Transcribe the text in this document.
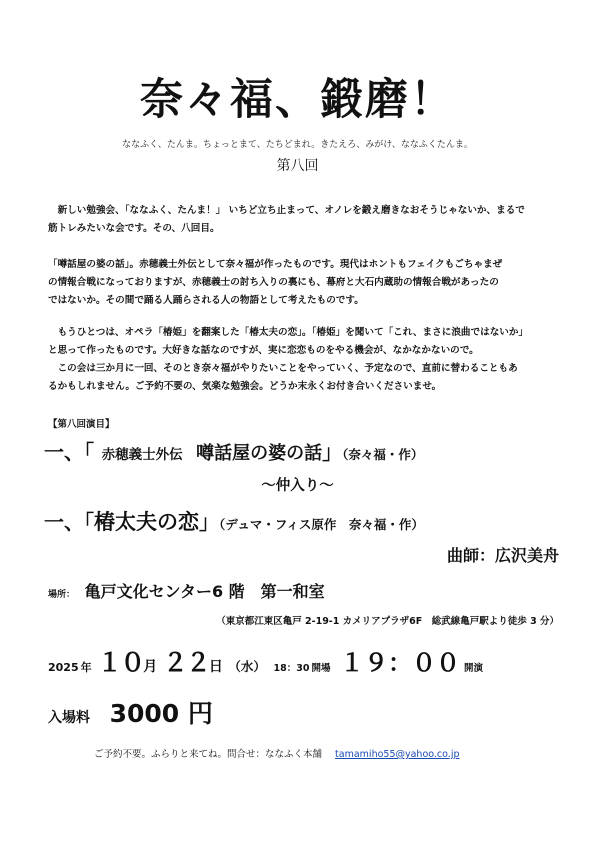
奈々福、鍛磨！
ななふく、たんま。ちょっとまて、たちどまれ。きたえろ、みがけ、ななふくたんま。
第八回

　新しい勉強会、「ななふく、たんま！」 いちど立ち止まって、オノレを鍛え磨きなおそうじゃないか、まるで

筋トレみたいな会です。その、八回目。

「噂話屋の婆の話」。赤穂義士外伝として奈々福が作ったものです。現代はホントもフェイクもごちゃまぜ

の情報合戦になっておりますが、赤穂義士の討ち入りの裏にも、幕府と大石内蔵助の情報合戦があったの

ではないか。その間で踊る人踊らされる人の物語として考えたものです。

　もうひとつは、オペラ「椿姫」を翻案した「椿太夫の恋」。「椿姫」を聞いて「これ、まさに浪曲ではないか」

と思って作ったものです。大好きな話なのですが、実に恋恋ものをやる機会が、なかなかないので。

　この会は三か月に一回、そのとき奈々福がやりたいことをやっていく、予定なので、直前に替わることもあ

るかもしれません。ご予約不要の、気楽な勉強会。どうか末永くお付き合いくださいませ。

【第八回演目】
一、「 赤穂義士外伝 噂話屋の婆の話」（奈々福・作）
〜仲入り〜
一、「椿太夫の恋」（デュマ・フィス原作　奈々福・作）
曲師：広沢美舟
場所： 亀戸文化センター6 階　第一和室
（東京都江東区亀戸 2-19-1 カメリアプラザ6F　総武線亀戸駅より徒歩 3 分）
2025 年 １０月 ２２日 （水） 18：30 開場 １９：００ 開演
入場料 3000 円
ご予約不要。ふらりと来てね。問合せ：ななふく本舗 tamamiho55@yahoo.co.jp
